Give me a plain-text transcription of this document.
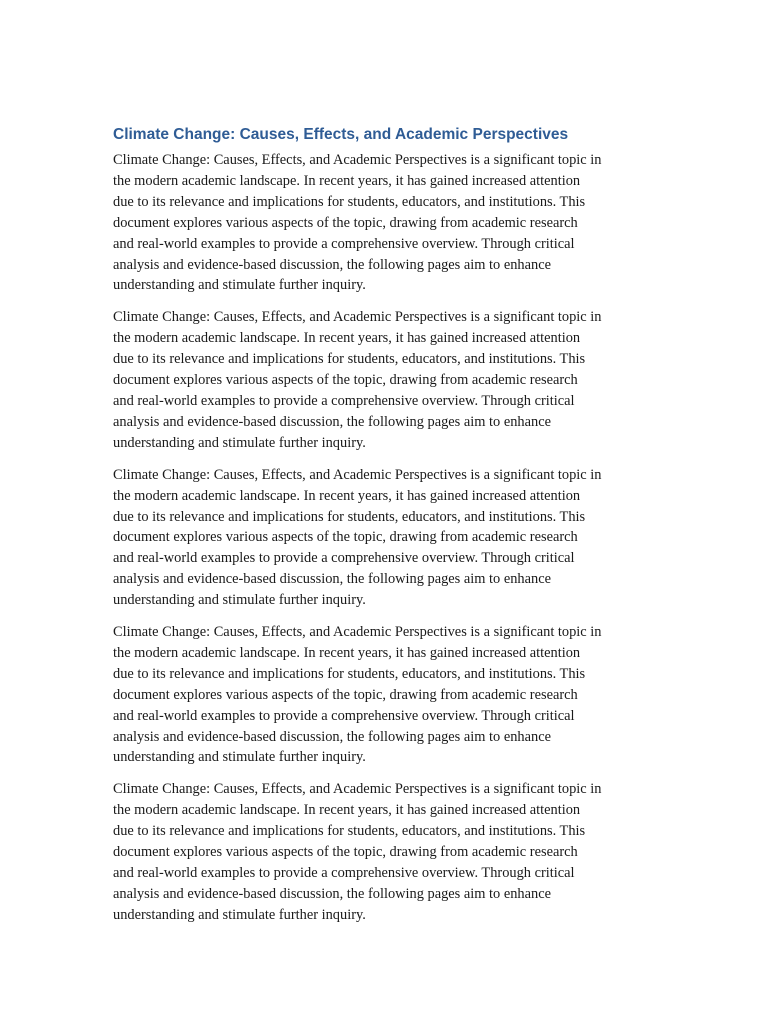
Climate Change: Causes, Effects, and Academic Perspectives

Climate Change: Causes, Effects, and Academic Perspectives is a significant topic in
the modern academic landscape. In recent years, it has gained increased attention
due to its relevance and implications for students, educators, and institutions. This
document explores various aspects of the topic, drawing from academic research
and real-world examples to provide a comprehensive overview. Through critical
analysis and evidence-based discussion, the following pages aim to enhance
understanding and stimulate further inquiry.

Climate Change: Causes, Effects, and Academic Perspectives is a significant topic in
the modern academic landscape. In recent years, it has gained increased attention
due to its relevance and implications for students, educators, and institutions. This
document explores various aspects of the topic, drawing from academic research
and real-world examples to provide a comprehensive overview. Through critical
analysis and evidence-based discussion, the following pages aim to enhance
understanding and stimulate further inquiry.

Climate Change: Causes, Effects, and Academic Perspectives is a significant topic in
the modern academic landscape. In recent years, it has gained increased attention
due to its relevance and implications for students, educators, and institutions. This
document explores various aspects of the topic, drawing from academic research
and real-world examples to provide a comprehensive overview. Through critical
analysis and evidence-based discussion, the following pages aim to enhance
understanding and stimulate further inquiry.

Climate Change: Causes, Effects, and Academic Perspectives is a significant topic in
the modern academic landscape. In recent years, it has gained increased attention
due to its relevance and implications for students, educators, and institutions. This
document explores various aspects of the topic, drawing from academic research
and real-world examples to provide a comprehensive overview. Through critical
analysis and evidence-based discussion, the following pages aim to enhance
understanding and stimulate further inquiry.

Climate Change: Causes, Effects, and Academic Perspectives is a significant topic in
the modern academic landscape. In recent years, it has gained increased attention
due to its relevance and implications for students, educators, and institutions. This
document explores various aspects of the topic, drawing from academic research
and real-world examples to provide a comprehensive overview. Through critical
analysis and evidence-based discussion, the following pages aim to enhance
understanding and stimulate further inquiry.
